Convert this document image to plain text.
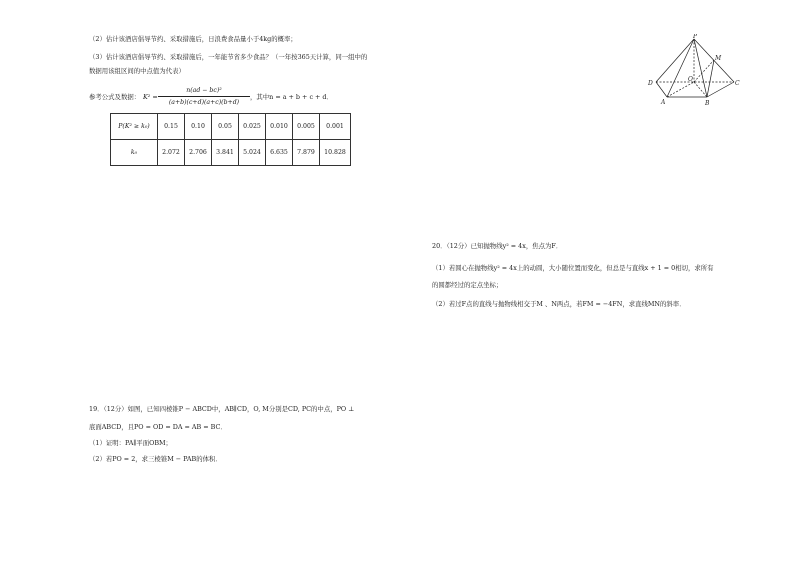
（2）估计该酒店倡导节约、采取措施后，日浪费食品量小于4kg的概率；
（3）估计该酒店倡导节约、采取措施后，一年能节省多少食品？（一年按365天计算，同一组中的
数据用该组区间的中点值为代表）
参考公式及数据： K² =
n(ad − bc)²
(a+b)(c+d)(a+c)(b+d)
，其中n = a + b + c + d．
P(K² ≥ k₀)	0.15	0.10	0.05	0.025	0.010	0.005	0.001
k₀	2.072	2.706	3.841	5.024	6.635	7.879	10.828
19．（12分）如图，已知四棱锥P − ABCD中，AB∥CD，O, M分别是CD, PC的中点，PO ⊥
底面ABCD，且PO = OD = DA = AB = BC．
（1）证明：PA∥平面OBM；
（2）若PO = 2，求三棱锥M − PAB的体积．
20．（12分）已知抛物线y² = 4x，焦点为F．
（1）若圆心在抛物线y² = 4x上的动圆，大小随位置而变化，但总是与直线x + 1 = 0相切，求所有
的圆都经过的定点坐标；
（2）若过F点的直线与抛物线相交于M 、N两点，若FM = −4FN，求直线MN的斜率．
P
M
D	C
O
A	B
